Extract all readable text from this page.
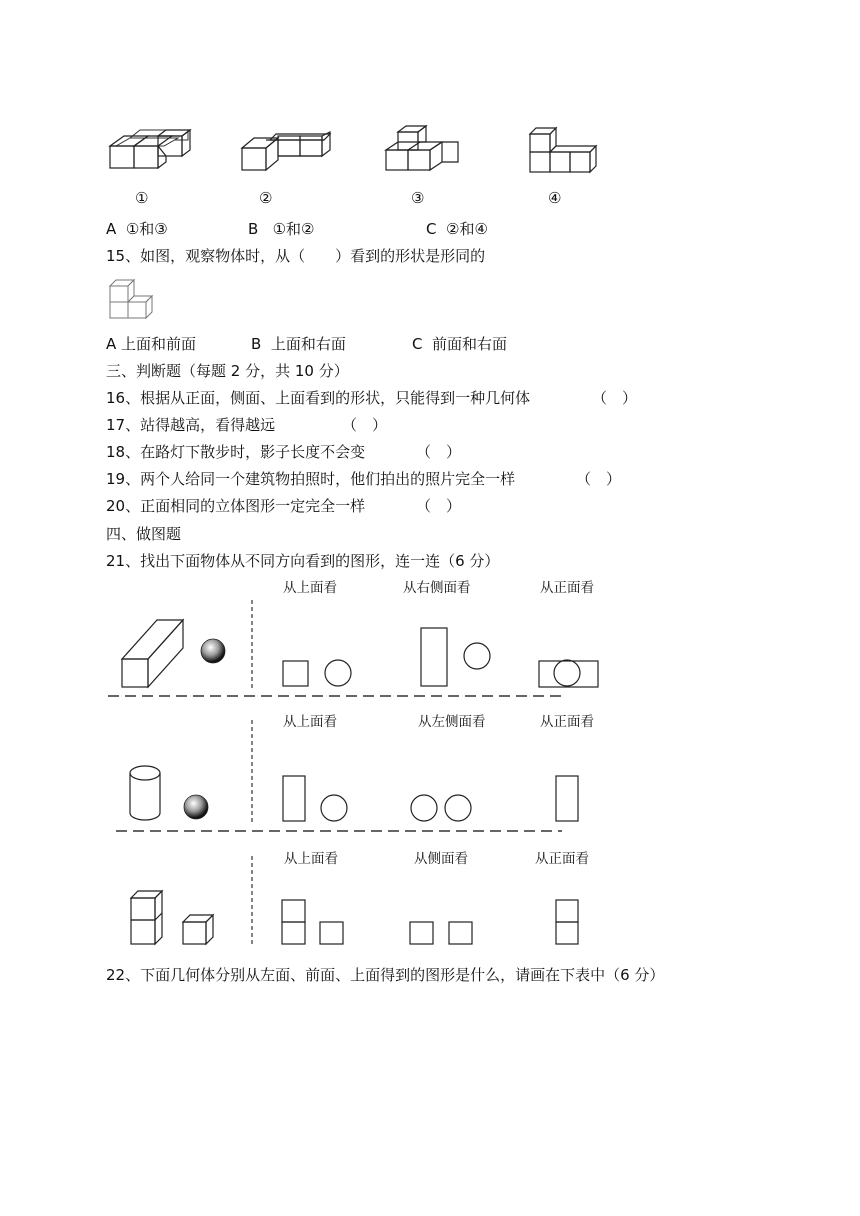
①	②	③	④
A ①和③	B ①和②	C ②和④
15、如图，观察物体时，从（　　）看到的形状是形同的
A 上面和前面	B 上面和右面	C 前面和右面
三、判断题（每题 2 分，共 10 分）
16、根据从正面，侧面、上面看到的形状，只能得到一种几何体	（　）
17、站得越高，看得越远	（　）
18、在路灯下散步时，影子长度不会变	（　）
19、两个人给同一个建筑物拍照时，他们拍出的照片完全一样	（　）
20、正面相同的立体图形一定完全一样	（　）
四、做图题
21、找出下面物体从不同方向看到的图形，连一连（6 分）
从上面看	从右侧面看	从正面看
从上面看	从左侧面看	从正面看
从上面看	从侧面看	从正面看
22、下面几何体分别从左面、前面、上面得到的图形是什么，请画在下表中（6 分）
